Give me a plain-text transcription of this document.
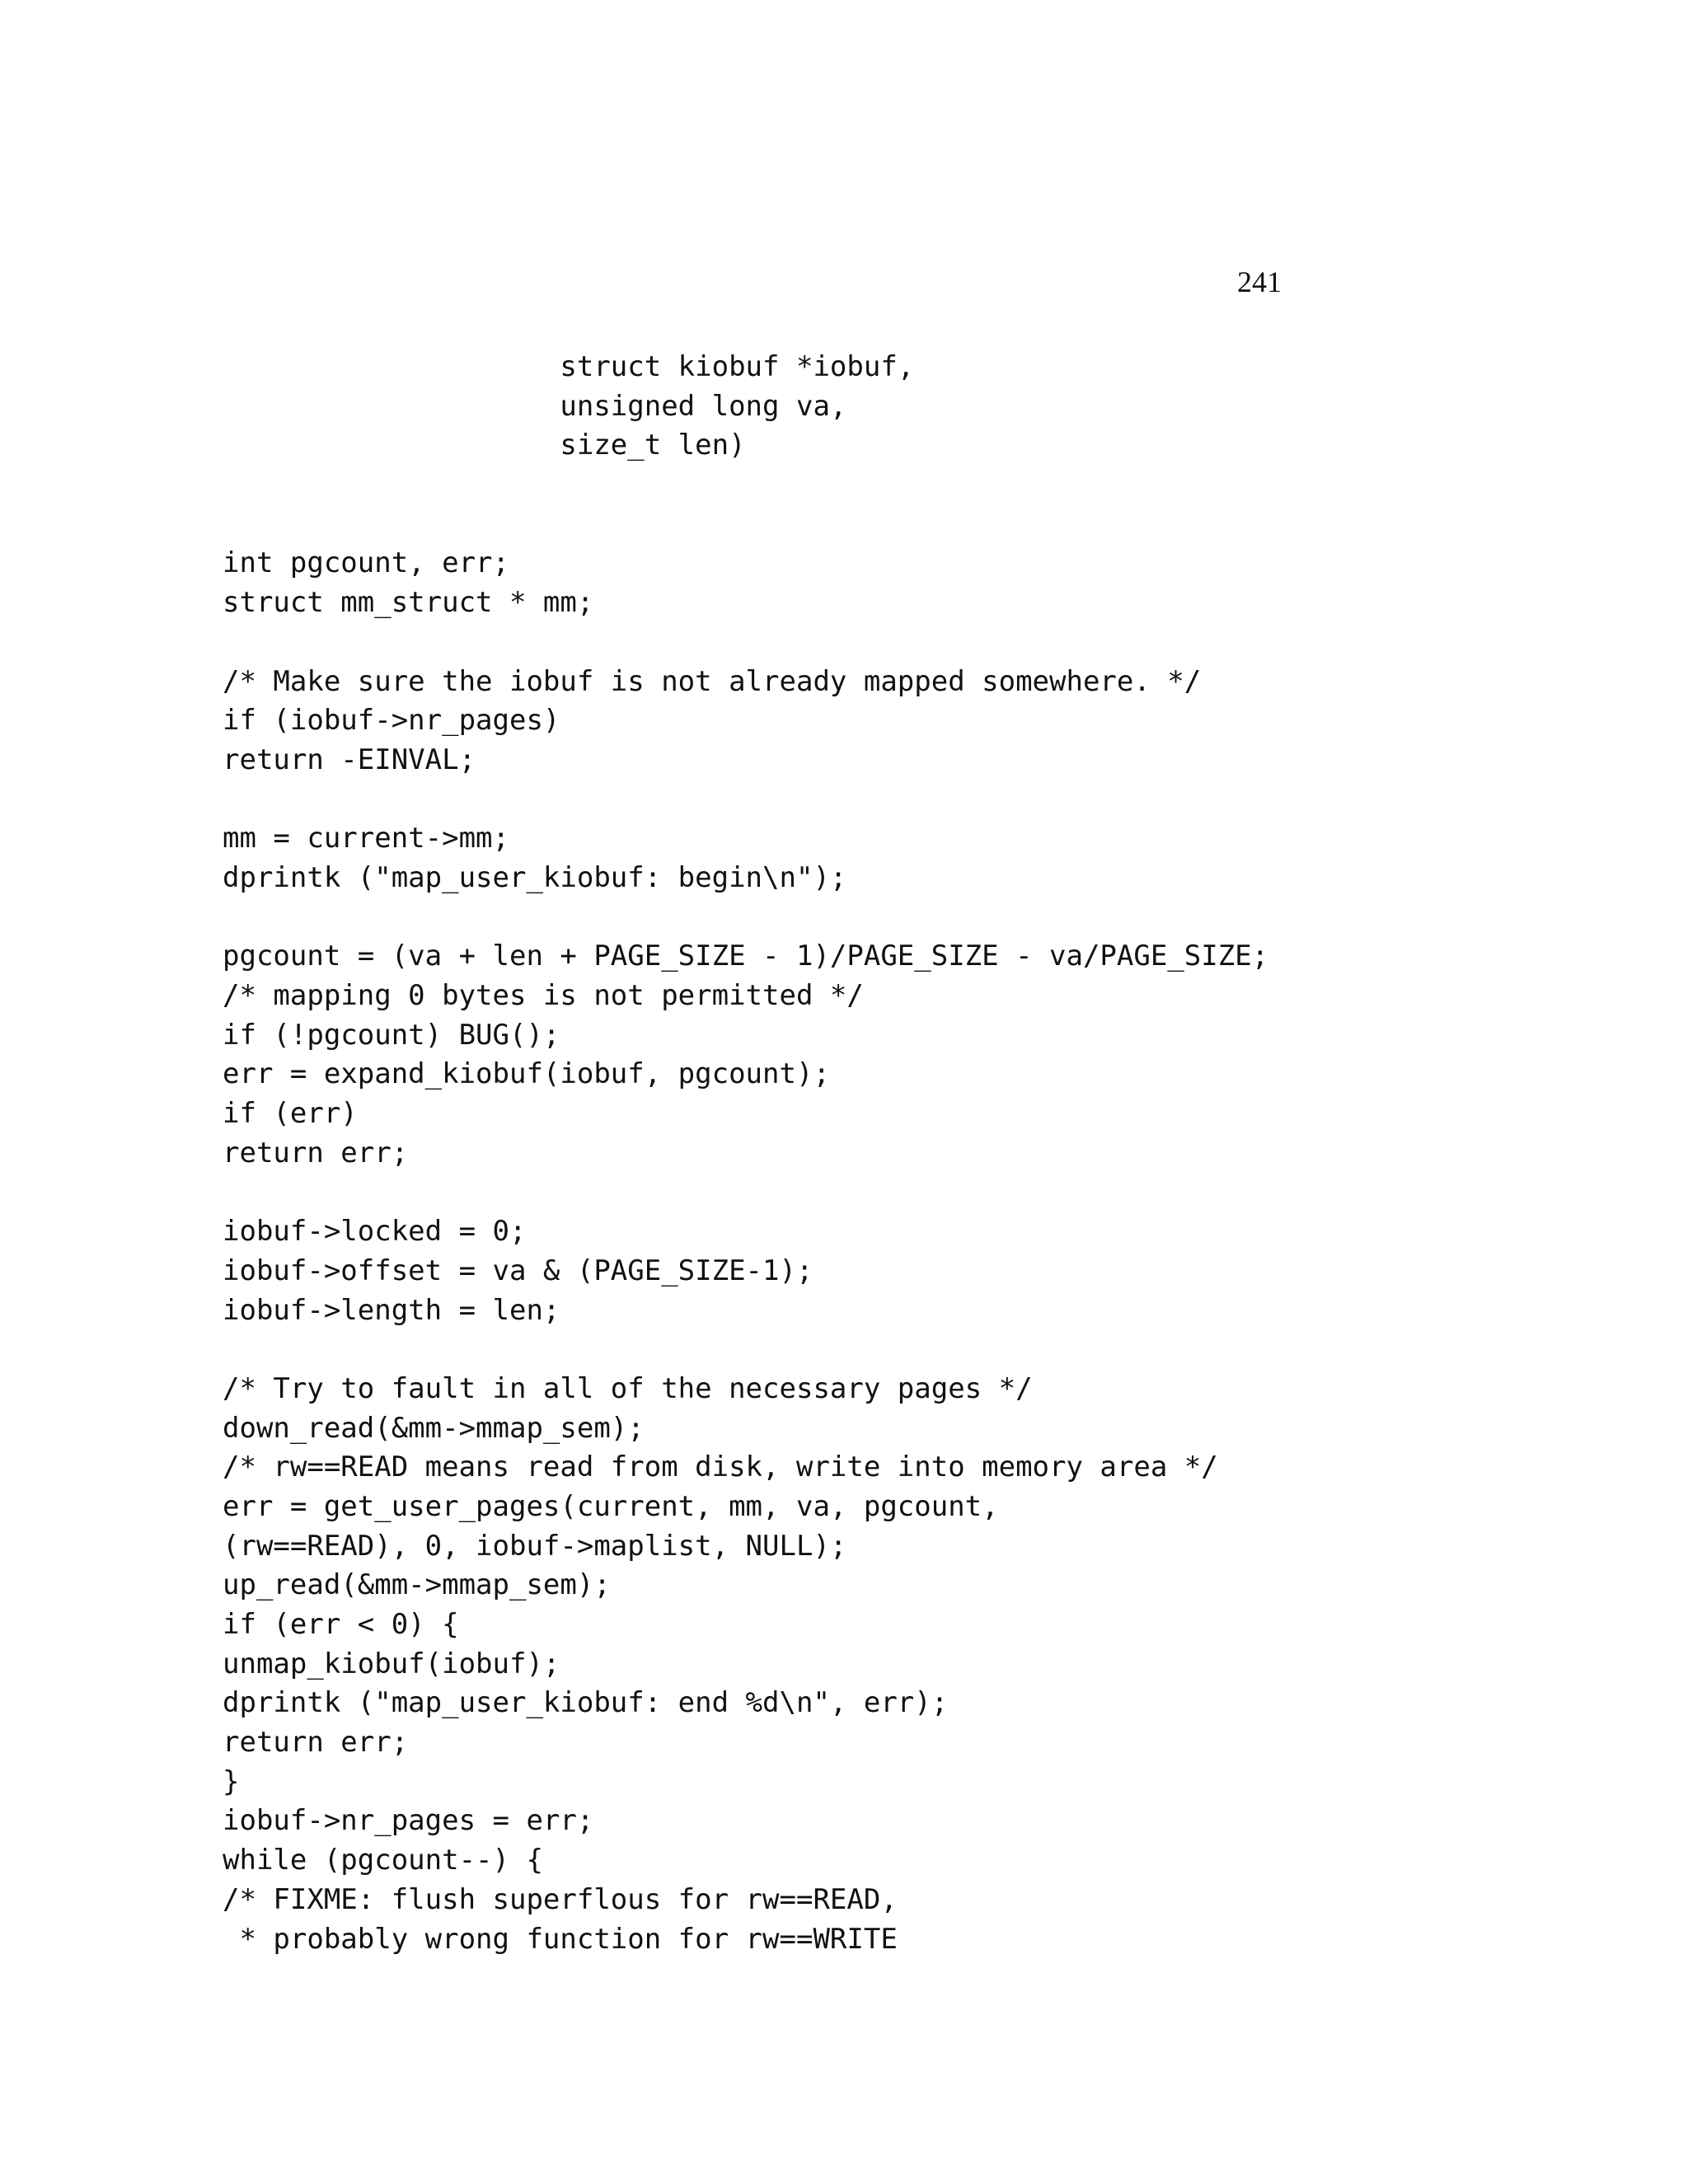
241
struct kiobuf *iobuf,
unsigned long va,
size_t len)
int pgcount, err;
struct mm_struct * mm;
/* Make sure the iobuf is not already mapped somewhere. */
if (iobuf->nr_pages)
return -EINVAL;
mm = current->mm;
dprintk ("map_user_kiobuf: begin\n");
pgcount = (va + len + PAGE_SIZE - 1)/PAGE_SIZE - va/PAGE_SIZE;
/* mapping 0 bytes is not permitted */
if (!pgcount) BUG();
err = expand_kiobuf(iobuf, pgcount);
if (err)
return err;
iobuf->locked = 0;
iobuf->offset = va & (PAGE_SIZE-1);
iobuf->length = len;
/* Try to fault in all of the necessary pages */
down_read(&mm->mmap_sem);
/* rw==READ means read from disk, write into memory area */
err = get_user_pages(current, mm, va, pgcount,
(rw==READ), 0, iobuf->maplist, NULL);
up_read(&mm->mmap_sem);
if (err < 0) {
unmap_kiobuf(iobuf);
dprintk ("map_user_kiobuf: end %d\n", err);
return err;
}
iobuf->nr_pages = err;
while (pgcount--) {
/* FIXME: flush superflous for rw==READ,
* probably wrong function for rw==WRITE
